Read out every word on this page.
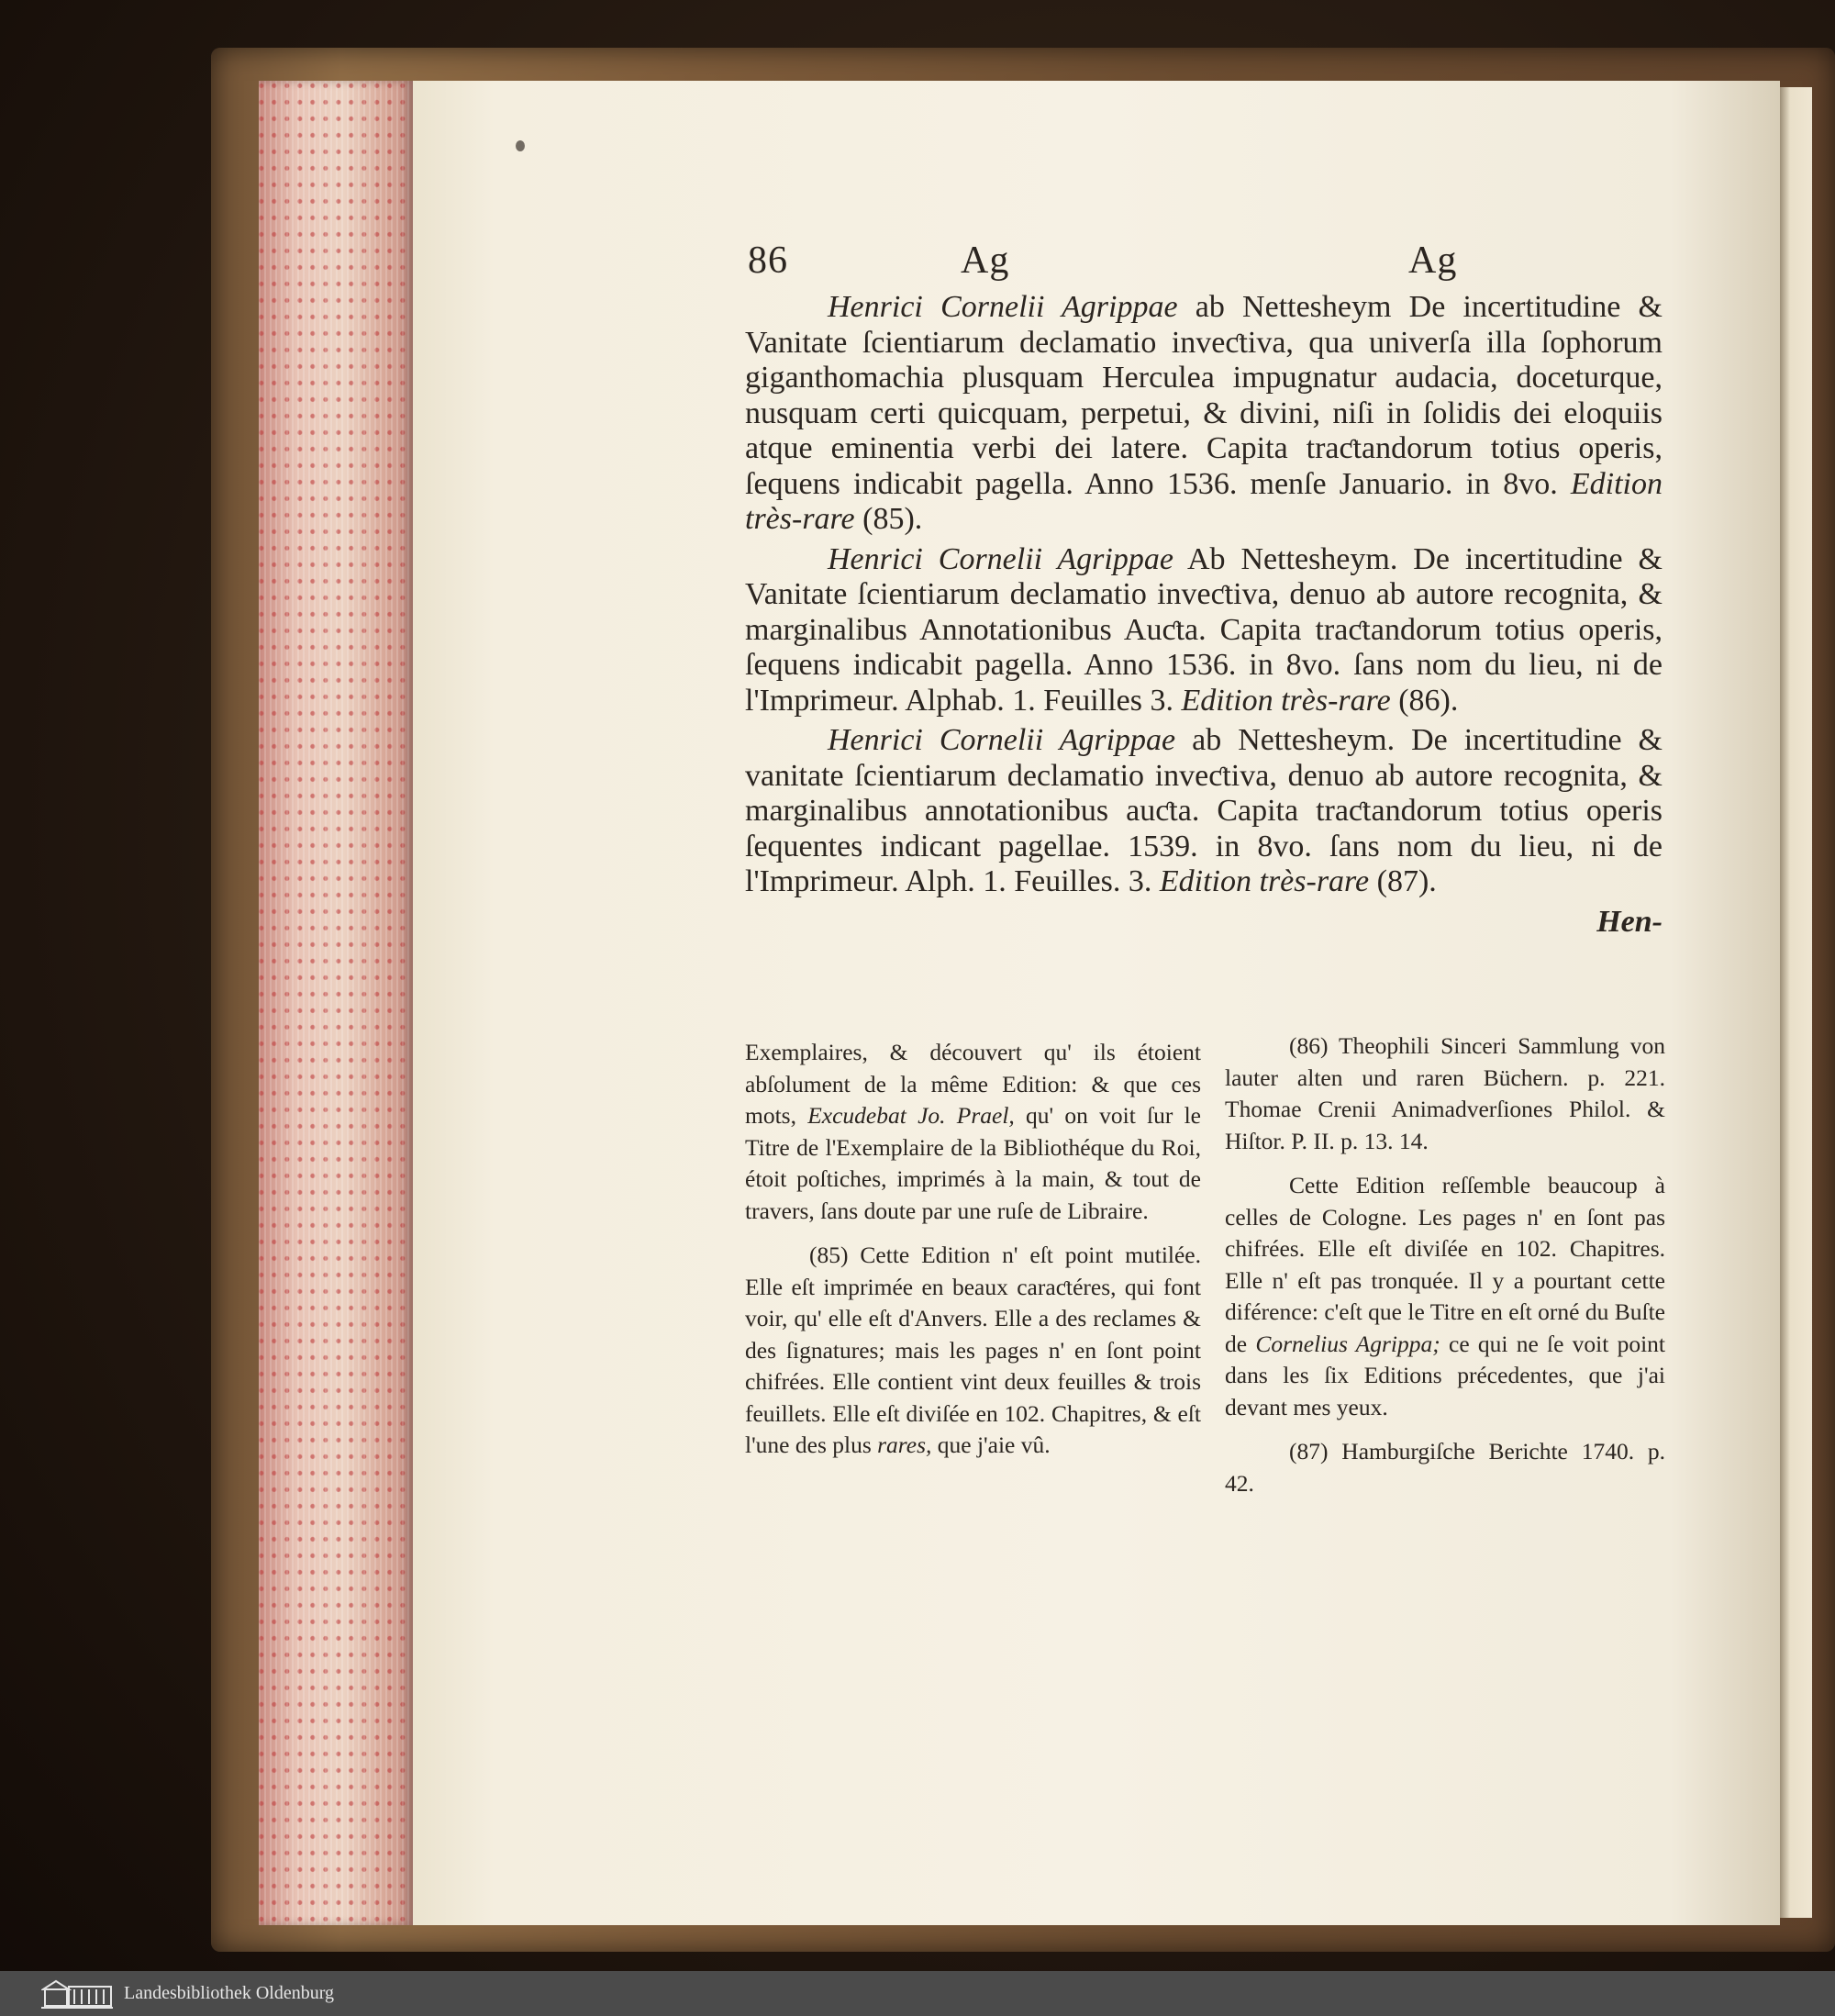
86	Ag	Ag

Henrici Cornelii Agrippae ab Nettesheym De incertitudine & Vanitate ſcientiarum declamatio inveƈtiva, qua univerſa illa ſophorum giganthomachia plusquam Herculea impugnatur audacia, doceturque, nusquam certi quicquam, perpetui, & divini, niſi in ſolidis dei eloquiis atque eminentia verbi dei latere. Capita traƈtandorum totius operis, ſequens indicabit pagella. Anno 1536. menſe Januario. in 8vo. Edition très-rare (85).

Henrici Cornelii Agrippae Ab Nettesheym. De incertitudine & Vanitate ſcientiarum declamatio inveƈtiva, denuo ab autore recognita, & marginalibus Annotationibus Auƈta. Capita traƈtandorum totius operis, ſequens indicabit pagella. Anno 1536. in 8vo. ſans nom du lieu, ni de l'Imprimeur. Alphab. 1. Feuilles 3. Edition très-rare (86).

Henrici Cornelii Agrippae ab Nettesheym. De incertitudine & vanitate ſcientiarum declamatio inveƈtiva, denuo ab autore recognita, & marginalibus annotationibus auƈta. Capita traƈtandorum totius operis ſequentes indicant pagellae. 1539. in 8vo. ſans nom du lieu, ni de l'Imprimeur. Alph. 1. Feuilles. 3. Edition très-rare (87).

Hen-

Exemplaires, & découvert qu' ils étoient abſolument de la même Edition: & que ces mots, Excudebat Jo. Prael, qu' on voit ſur le Titre de l'Exemplaire de la Bibliothéque du Roi, étoit poſtiches, imprimés à la main, & tout de travers, ſans doute par une ruſe de Libraire.

(85) Cette Edition n' eſt point mutilée. Elle eſt imprimée en beaux caraƈtéres, qui font voir, qu' elle eſt d'Anvers. Elle a des reclames & des ſignatures; mais les pages n' en ſont point chifrées. Elle contient vint deux feuilles & trois feuillets. Elle eſt diviſée en 102. Chapitres, & eſt l'une des plus rares, que j'aie vû.

(86) Theophili Sinceri Sammlung von lauter alten und raren Büchern. p. 221. Thomae Crenii Animadverſiones Philol. & Hiſtor. P. II. p. 13. 14.

Cette Edition reſſemble beaucoup à celles de Cologne. Les pages n' en ſont pas chifrées. Elle eſt diviſée en 102. Chapitres. Elle n' eſt pas tronquée. Il y a pourtant cette diférence: c'eſt que le Titre en eſt orné du Buſte de Cornelius Agrippa; ce qui ne ſe voit point dans les ſix Editions précedentes, que j'ai devant mes yeux.

(87) Hamburgiſche Berichte 1740. p. 42.

Landesbibliothek Oldenburg
